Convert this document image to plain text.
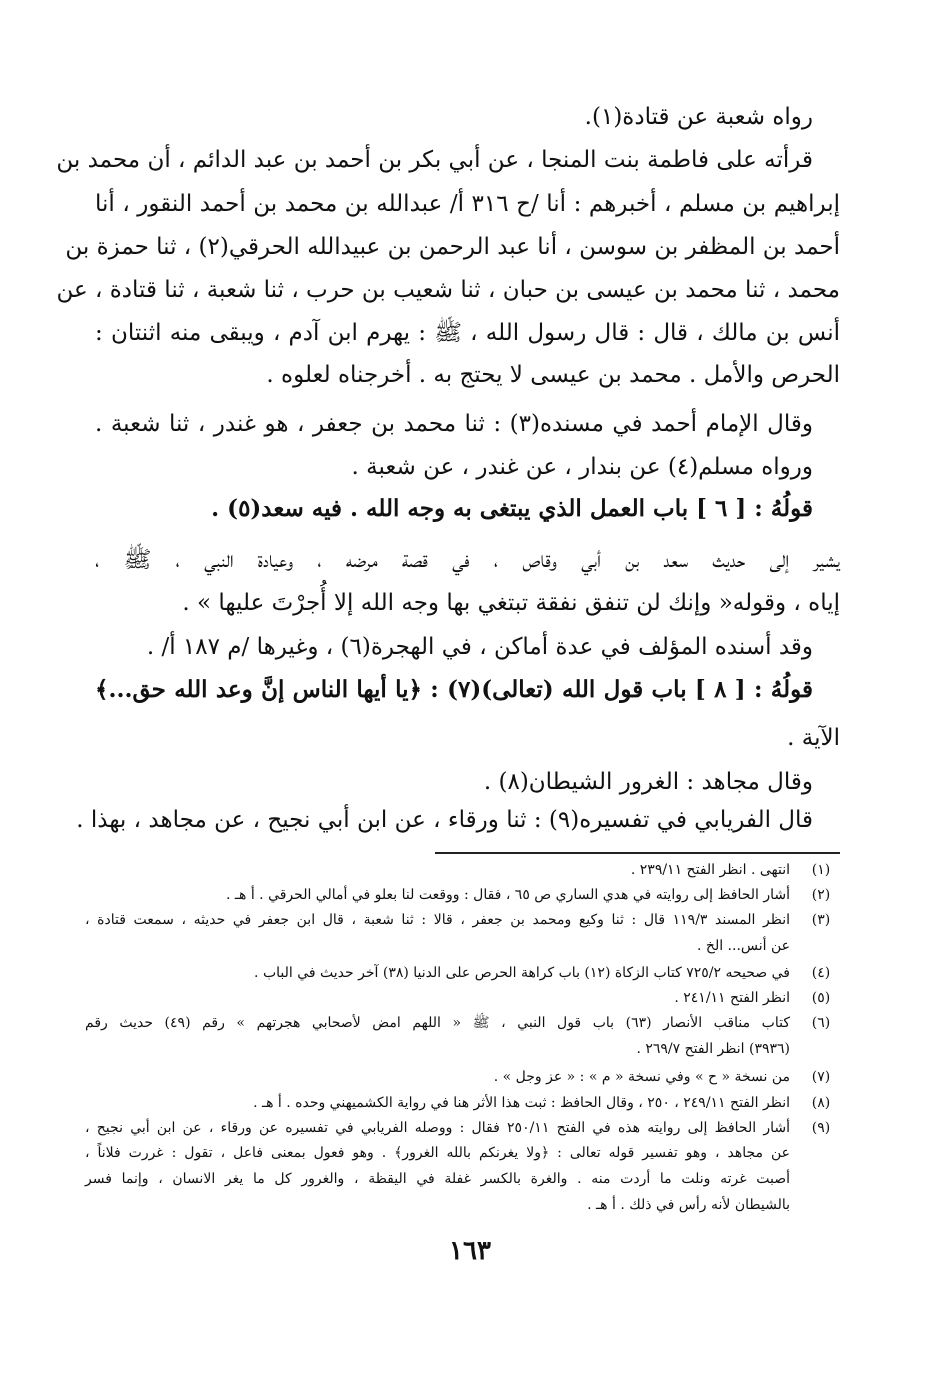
رواه شعبة عن قتادة(١).
قرأته على فاطمة بنت المنجا ، عن أبي بكر بن أحمد بن عبد الدائم ، أن محمد بن
إبراهيم بن مسلم ، أخبرهم : أنا /ح ٣١٦ أ/ عبدالله بن محمد بن أحمد النقور ، أنا
أحمد بن المظفر بن سوسن ، أنا عبد الرحمن بن عبيدالله الحرقي(٢) ، ثنا حمزة بن
محمد ، ثنا محمد بن عيسى بن حبان ، ثنا شعيب بن حرب ، ثنا شعبة ، ثنا قتادة ، عن
أنس بن مالك ، قال : قال رسول الله ، ﷺ : يهرم ابن آدم ، ويبقى منه اثنتان :
الحرص والأمل . محمد بن عيسى لا يحتج به . أخرجناه لعلوه .
وقال الإمام أحمد في مسنده(٣) : ثنا محمد بن جعفر ، هو غندر ، ثنا شعبة .
ورواه مسلم(٤) عن بندار ، عن غندر ، عن شعبة .
قولُهُ : [ ٦ ] باب العمل الذي يبتغى به وجه الله . فيه سعد(٥) .
يشير إلى حديث سعد بن أبي وقاص ، في قصة مرضه ، وعيادة النبي ، ﷺ ،
إياه ، وقوله« وإنك لن تنفق نفقة تبتغي بها وجه الله إلا أُجرْتَ عليها » .
وقد أسنده المؤلف في عدة أماكن ، في الهجرة(٦) ، وغيرها /م ١٨٧ أ/ .
قولُهُ : [ ٨ ] باب قول الله (تعالى)(٧) : ﴿يا أيها الناس إنَّ وعد الله حق...﴾
الآية .
وقال مجاهد : الغرور الشيطان(٨) .
قال الفريابي في تفسيره(٩) : ثنا ورقاء ، عن ابن أبي نجيح ، عن مجاهد ، بهذا .
(١)
انتهى . انظر الفتح ٢٣٩/١١ .
(٢)
أشار الحافظ إلى روايته في هدي الساري ص ٦٥ ، فقال : ووقعت لنا بعلو في أمالي الحرقي . أ هـ .
(٣)
انظر المسند ١١٩/٣ قال : ثنا وكيع ومحمد بن جعفر ، قالا : ثنا شعبة ، قال ابن جعفر في حديثه ، سمعت قتادة ،
عن أنس... الخ .
(٤)
في صحيحه ٧٢٥/٢ كتاب الزكاة (١٢) باب كراهة الحرص على الدنيا (٣٨) آخر حديث في الباب .
(٥)
انظر الفتح ٢٤١/١١ .
(٦)
كتاب مناقب الأنصار (٦٣) باب قول النبي ، ﷺ « اللهم امض لأصحابي هجرتهم » رقم (٤٩) حديث رقم
(٣٩٣٦) انظر الفتح ٢٦٩/٧ .
(٧)
من نسخة « ح » وفي نسخة « م » : « عز وجل » .
(٨)
انظر الفتح ٢٤٩/١١ ، ٢٥٠ ، وقال الحافظ : ثبت هذا الأثر هنا في رواية الكشميهني وحده . أ هـ .
(٩)
أشار الحافظ إلى روايته هذه في الفتح ٢٥٠/١١ فقال : ووصله الفريابي في تفسيره عن ورقاء ، عن ابن أبي نجيح ،
عن مجاهد ، وهو تفسير قوله تعالى : ﴿ولا يغرنكم بالله الغرور﴾ . وهو فعول بمعنى فاعل ، تقول : غررت فلاناً ،
أصبت غرته ونلت ما أردت منه . والغرة بالكسر غفلة في اليقظة ، والغرور كل ما يغر الانسان ، وإنما فسر
بالشيطان لأنه رأس في ذلك . أ هـ .
١٦٣
